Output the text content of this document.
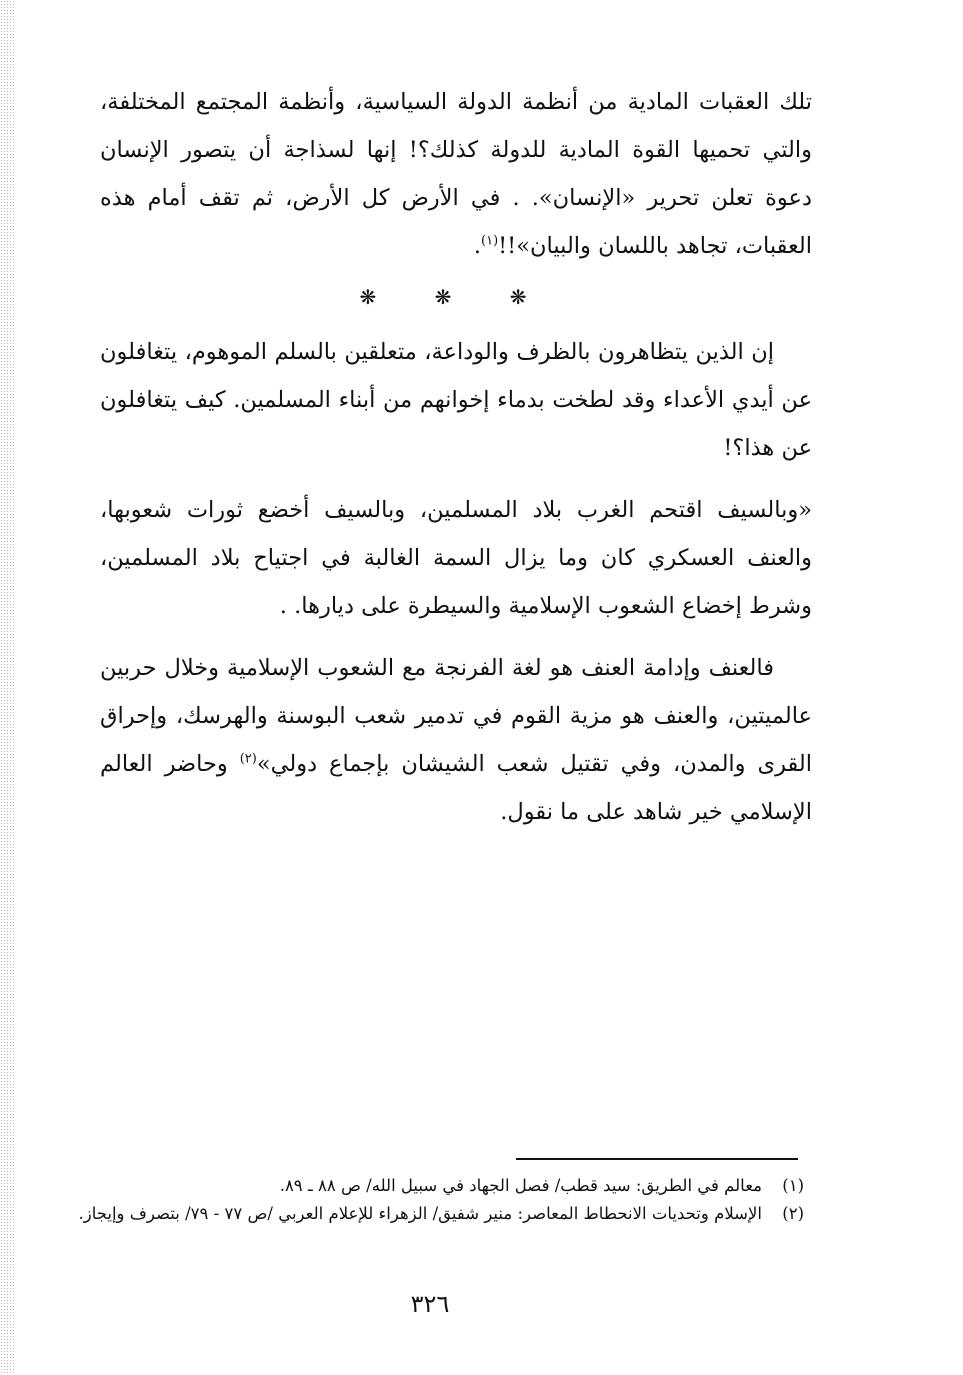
تلك العقبات المادية من أنظمة الدولة السياسية، وأنظمة المجتمع المختلفة، والتي تحميها القوة المادية للدولة كذلك؟! إنها لسذاجة أن يتصور الإنسان دعوة تعلن تحرير «الإنسان». . في الأرض كل الأرض، ثم تقف أمام هذه العقبات، تجاهد باللسان والبيان»!!$^{(١)}$.

❋ ❋ ❋

إن الذين يتظاهرون بالظرف والوداعة، متعلقين بالسلم الموهوم، يتغافلون عن أيدي الأعداء وقد لطخت بدماء إخوانهم من أبناء المسلمين. كيف يتغافلون عن هذا؟!

«وبالسيف اقتحم الغرب بلاد المسلمين، وبالسيف أخضع ثورات شعوبها، والعنف العسكري كان وما يزال السمة الغالبة في اجتياح بلاد المسلمين، وشرط إخضاع الشعوب الإسلامية والسيطرة على ديارها. .

فالعنف وإدامة العنف هو لغة الفرنجة مع الشعوب الإسلامية وخلال حربين عالميتين، والعنف هو مزية القوم في تدمير شعب البوسنة والهرسك، وإحراق القرى والمدن، وفي تقتيل شعب الشيشان بإجماع دولي»$^{(٢)}$ وحاضر العالم الإسلامي خير شاهد على ما نقول.

(١)
معالم في الطريق: سيد قطب/ فصل الجهاد في سبيل الله/ ص ٨٨ ـ ٨٩.
(٢)
الإسلام وتحديات الانحطاط المعاصر: منير شفيق/ الزهراء للإعلام العربي /ص ٧٧ - ٧٩/ بتصرف وإيجاز.
٣٢٦
